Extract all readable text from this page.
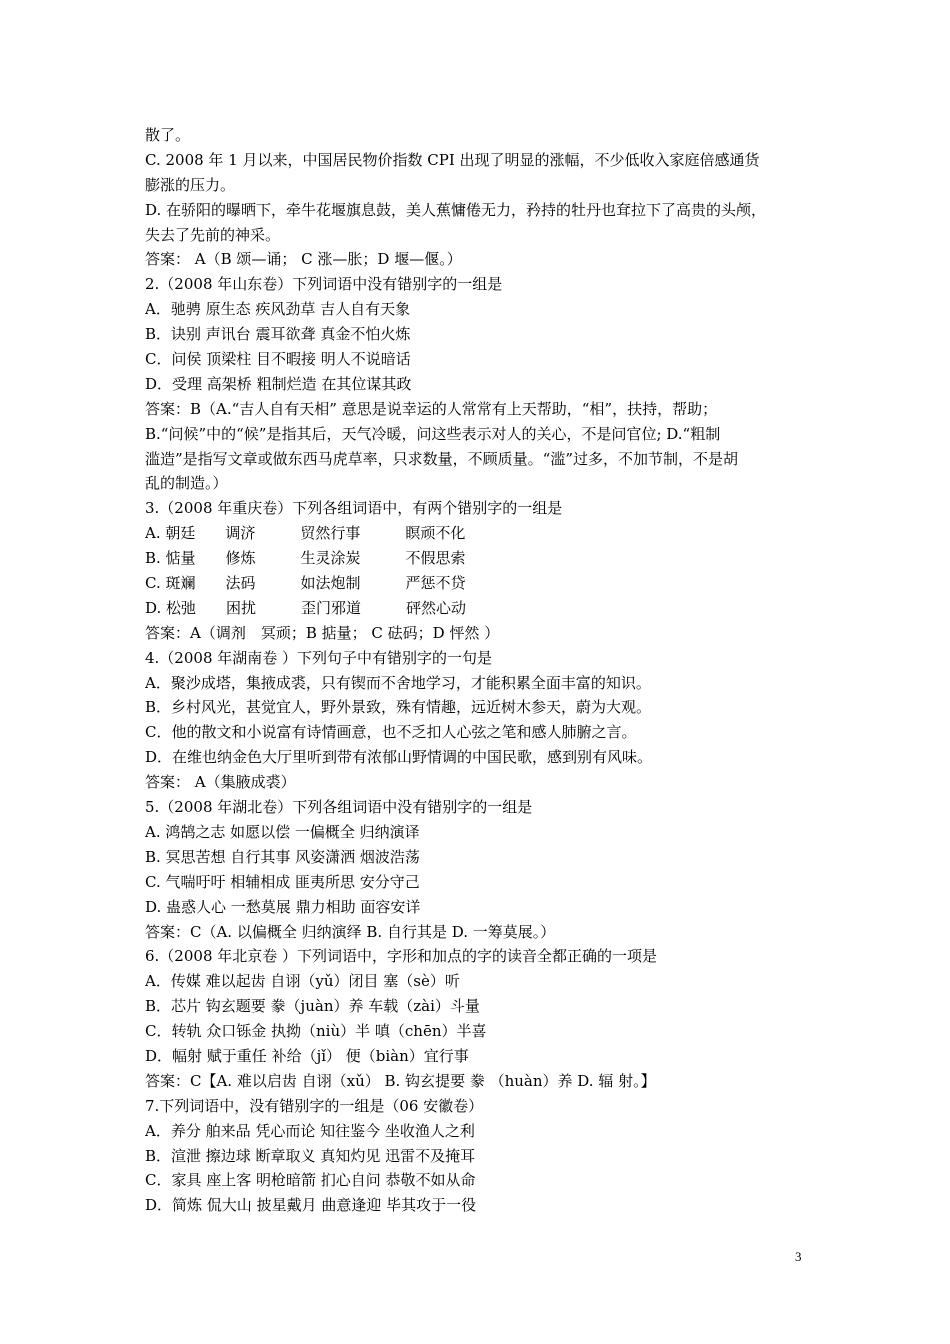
散了。
C. 2008 年 1 月以来，中国居民物价指数 CPI 出现了明显的涨幅，不少低收入家庭倍感通货
膨涨的压力。
D. 在骄阳的曝晒下，牵牛花堰旗息鼓，美人蕉慵倦无力，矜持的牡丹也耷拉下了高贵的头颅，
失去了先前的神采。
答案： A（B 颂—诵； C 涨—胀；D 堰—偃。）
2.（2008 年山东卷）下列词语中没有错别字的一组是
A．驰骋 原生态 疾风劲草 吉人自有天象
B．诀别 声讯台 震耳欲聋 真金不怕火炼
C．问侯 顶梁柱 目不暇接 明人不说暗话
D．受理 高架桥 粗制烂造 在其位谋其政
答案：B（A.“吉人自有天相” 意思是说幸运的人常常有上天帮助，“相”，扶持，帮助；
B.“问候”中的“候”是指其后，天气冷暖，问这些表示对人的关心，不是问官位; D.“粗制
滥造”是指写文章或做东西马虎草率，只求数量，不顾质量。“滥”过多，不加节制，不是胡
乱的制造。）
3.（2008 年重庆卷）下列各组词语中，有两个错别字的一组是
A. 朝廷　　调济　　　贸然行事　　　瞑顽不化
B. 惦量　　修炼　　　生灵涂炭　　　不假思索
C. 斑斓　　法码　　　如法炮制　　　严惩不贷
D. 松弛　　困扰　　　歪门邪道　　　砰然心动
答案：A（调剂　冥顽；B 掂量； C 砝码；D 怦然 ）
4.（2008 年湖南卷 ）下列句子中有错别字的一句是
A．聚沙成塔，集掖成裘，只有锲而不舍地学习，才能积累全面丰富的知识。
B．乡村风光，甚觉宜人，野外景致，殊有情趣，远近树木参天，蔚为大观。
C．他的散文和小说富有诗情画意，也不乏扣人心弦之笔和感人肺腑之言。
D．在维也纳金色大厅里听到带有浓郁山野情调的中国民歌，感到别有风味。
答案： A（集腋成裘）
5.（2008 年湖北卷）下列各组词语中没有错别字的一组是
A. 鸿鹄之志 如愿以偿 一偏概全 归纳演译
B. 冥思苦想 自行其事 风姿潇洒 烟波浩荡
C. 气喘吁吁 相辅相成 匪夷所思 安分守己
D. 蛊惑人心 一愁莫展 鼎力相助 面容安详
答案：C（A. 以偏概全 归纳演绎 B. 自行其是 D. 一筹莫展。）
6.（2008 年北京卷 ）下列词语中，字形和加点的字的读音全都正确的一项是
A．传媒 难以起齿 自诩（yǔ）闭目 塞（sè）听
B．芯片 钩玄题要 豢（juàn）养 车载（zài）斗量
C．转轨 众口铄金 执拗（niù）半 嗔（chēn）半喜
D．幅射 赋于重任 补给（jǐ） 便（biàn）宜行事
答案：C【A. 难以启齿 自诩（xǔ） B. 钩玄提要 豢 （huàn）养 D. 辐 射。】
7.下列词语中，没有错别字的一组是（06 安徽卷）
A．养分 舶来品 凭心而论 知往鉴今 坐收渔人之利
B．渲泄 擦边球 断章取义 真知灼见 迅雷不及掩耳
C．家具 座上客 明枪暗箭 扪心自问 恭敬不如从命
D．简炼 侃大山 披星戴月 曲意逢迎 毕其攻于一役
3
